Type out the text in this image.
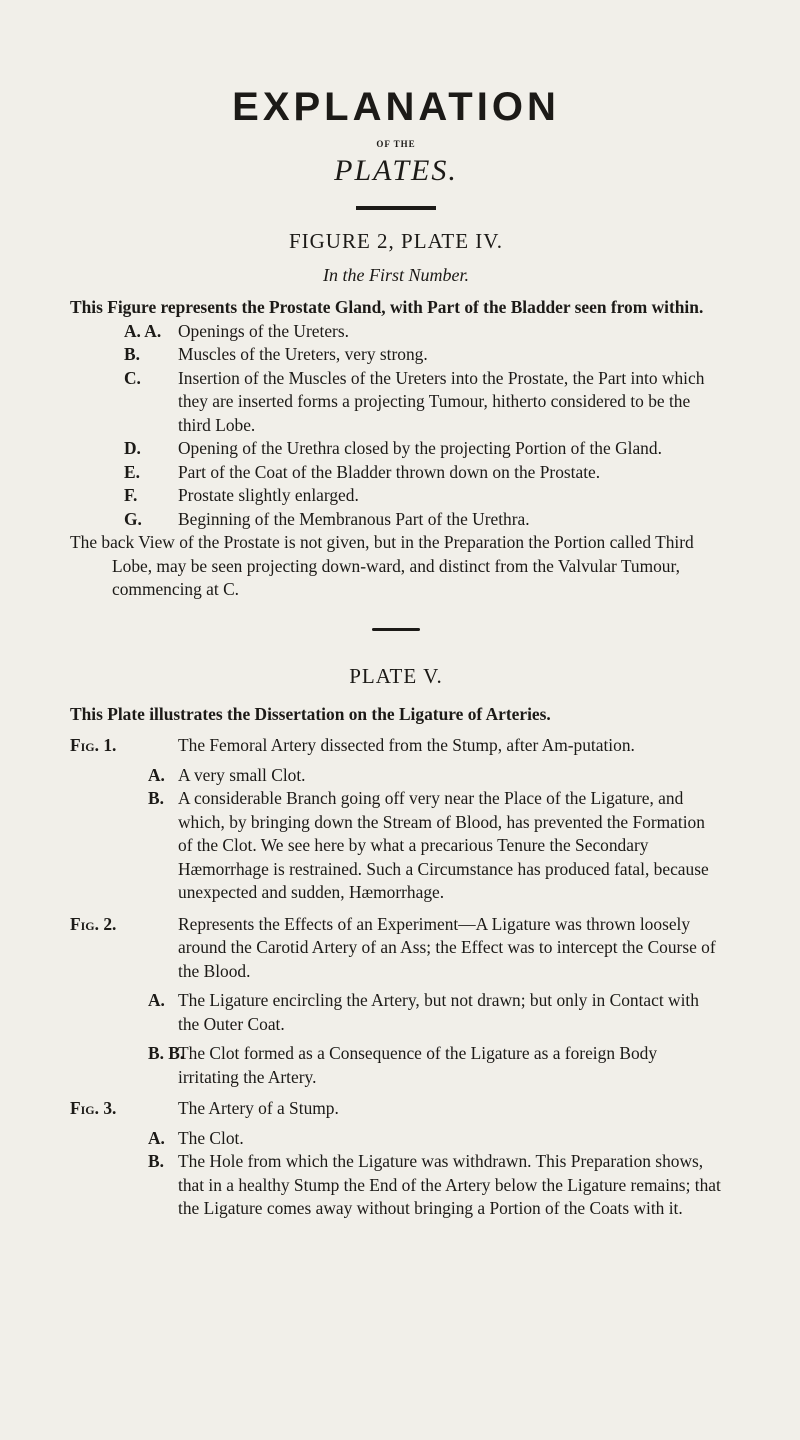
EXPLANATION
OF THE
PLATES.
FIGURE 2, PLATE IV.
In the First Number.

This Figure represents the Prostate Gland, with Part of the Bladder seen from within.

A. A. Openings of the Ureters.

B. Muscles of the Ureters, very strong.

C. Insertion of the Muscles of the Ureters into the Prostate, the Part into which they are inserted forms a projecting Tumour, hitherto considered to be the third Lobe.

D. Opening of the Urethra closed by the projecting Portion of the Gland.

E. Part of the Coat of the Bladder thrown down on the Prostate.

F. Prostate slightly enlarged.

G. Beginning of the Membranous Part of the Urethra.

The back View of the Prostate is not given, but in the Preparation the Portion called Third Lobe, may be seen projecting down-ward, and distinct from the Valvular Tumour, commencing at C.

PLATE V.

This Plate illustrates the Dissertation on the Ligature of Arteries.

Fig. 1.	The Femoral Artery dissected from the Stump, after Am-putation.

A. A very small Clot.

B. A considerable Branch going off very near the Place of the Ligature, and which, by bringing down the Stream of Blood, has prevented the Formation of the Clot. We see here by what a precarious Tenure the Secondary Hæmorrhage is restrained. Such a Circumstance has produced fatal, because unexpected and sudden, Hæmorrhage.

Fig. 2.	Represents the Effects of an Experiment—A Ligature was thrown loosely around the Carotid Artery of an Ass; the Effect was to intercept the Course of the Blood.

A. The Ligature encircling the Artery, but not drawn; but only in Contact with the Outer Coat.

B. B.
The Clot formed as a Consequence of the Ligature as a foreign Body irritating the Artery.

Fig. 3.	The Artery of a Stump.

A. The Clot.

B. The Hole from which the Ligature was withdrawn. This Preparation shows, that in a healthy Stump the End of the Artery below the Ligature remains; that the Ligature comes away without bringing a Portion of the Coats with it.
